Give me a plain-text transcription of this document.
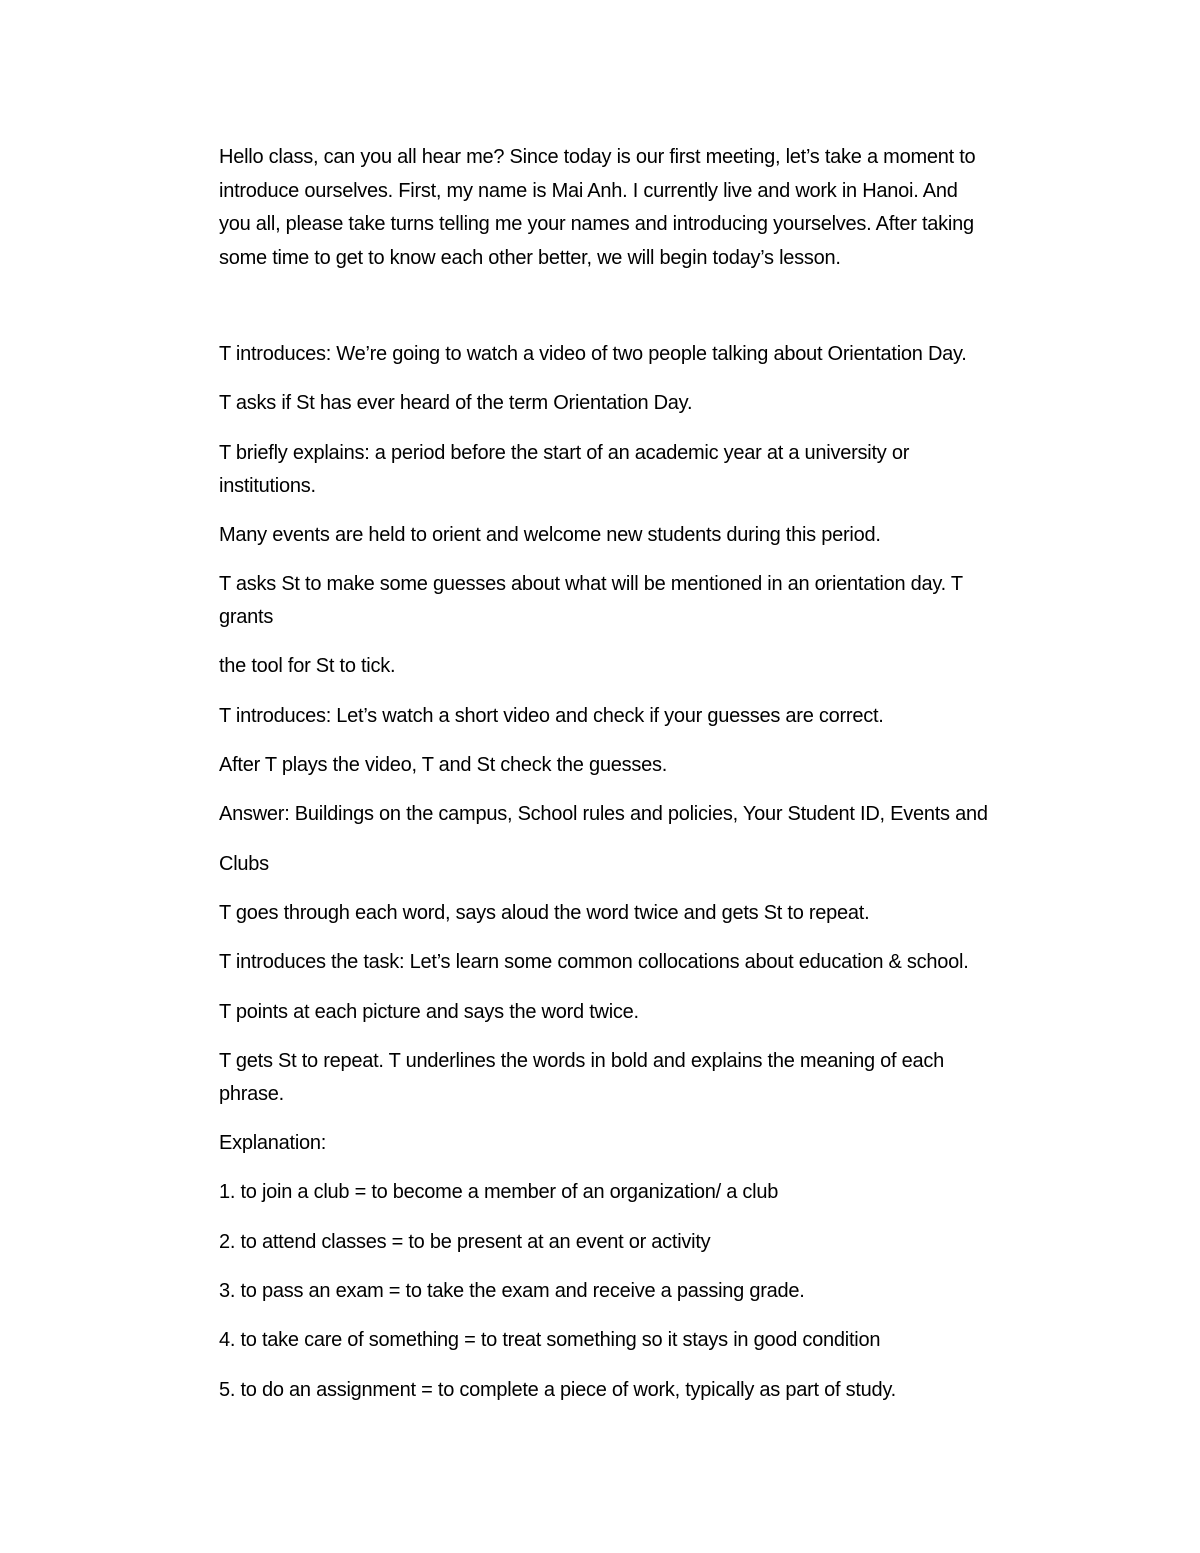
Hello class, can you all hear me? Since today is our first meeting, let’s take a moment to
introduce ourselves. First, my name is Mai Anh. I currently live and work in Hanoi. And
you all, please take turns telling me your names and introducing yourselves. After taking
some time to get to know each other better, we will begin today’s lesson.
T introduces: We’re going to watch a video of two people talking about Orientation Day.
T asks if St has ever heard of the term Orientation Day.
T briefly explains: a period before the start of an academic year at a university or
institutions.
Many events are held to orient and welcome new students during this period.
T asks St to make some guesses about what will be mentioned in an orientation day. T
grants
the tool for St to tick.
T introduces: Let’s watch a short video and check if your guesses are correct.
After T plays the video, T and St check the guesses.
Answer: Buildings on the campus, School rules and policies, Your Student ID, Events and
Clubs
T goes through each word, says aloud the word twice and gets St to repeat.
T introduces the task: Let’s learn some common collocations about education & school.
T points at each picture and says the word twice.
T gets St to repeat. T underlines the words in bold and explains the meaning of each
phrase.
Explanation:
1. to join a club = to become a member of an organization/ a club
2. to attend classes = to be present at an event or activity
3. to pass an exam = to take the exam and receive a passing grade.
4. to take care of something = to treat something so it stays in good condition
5. to do an assignment = to complete a piece of work, typically as part of study.
